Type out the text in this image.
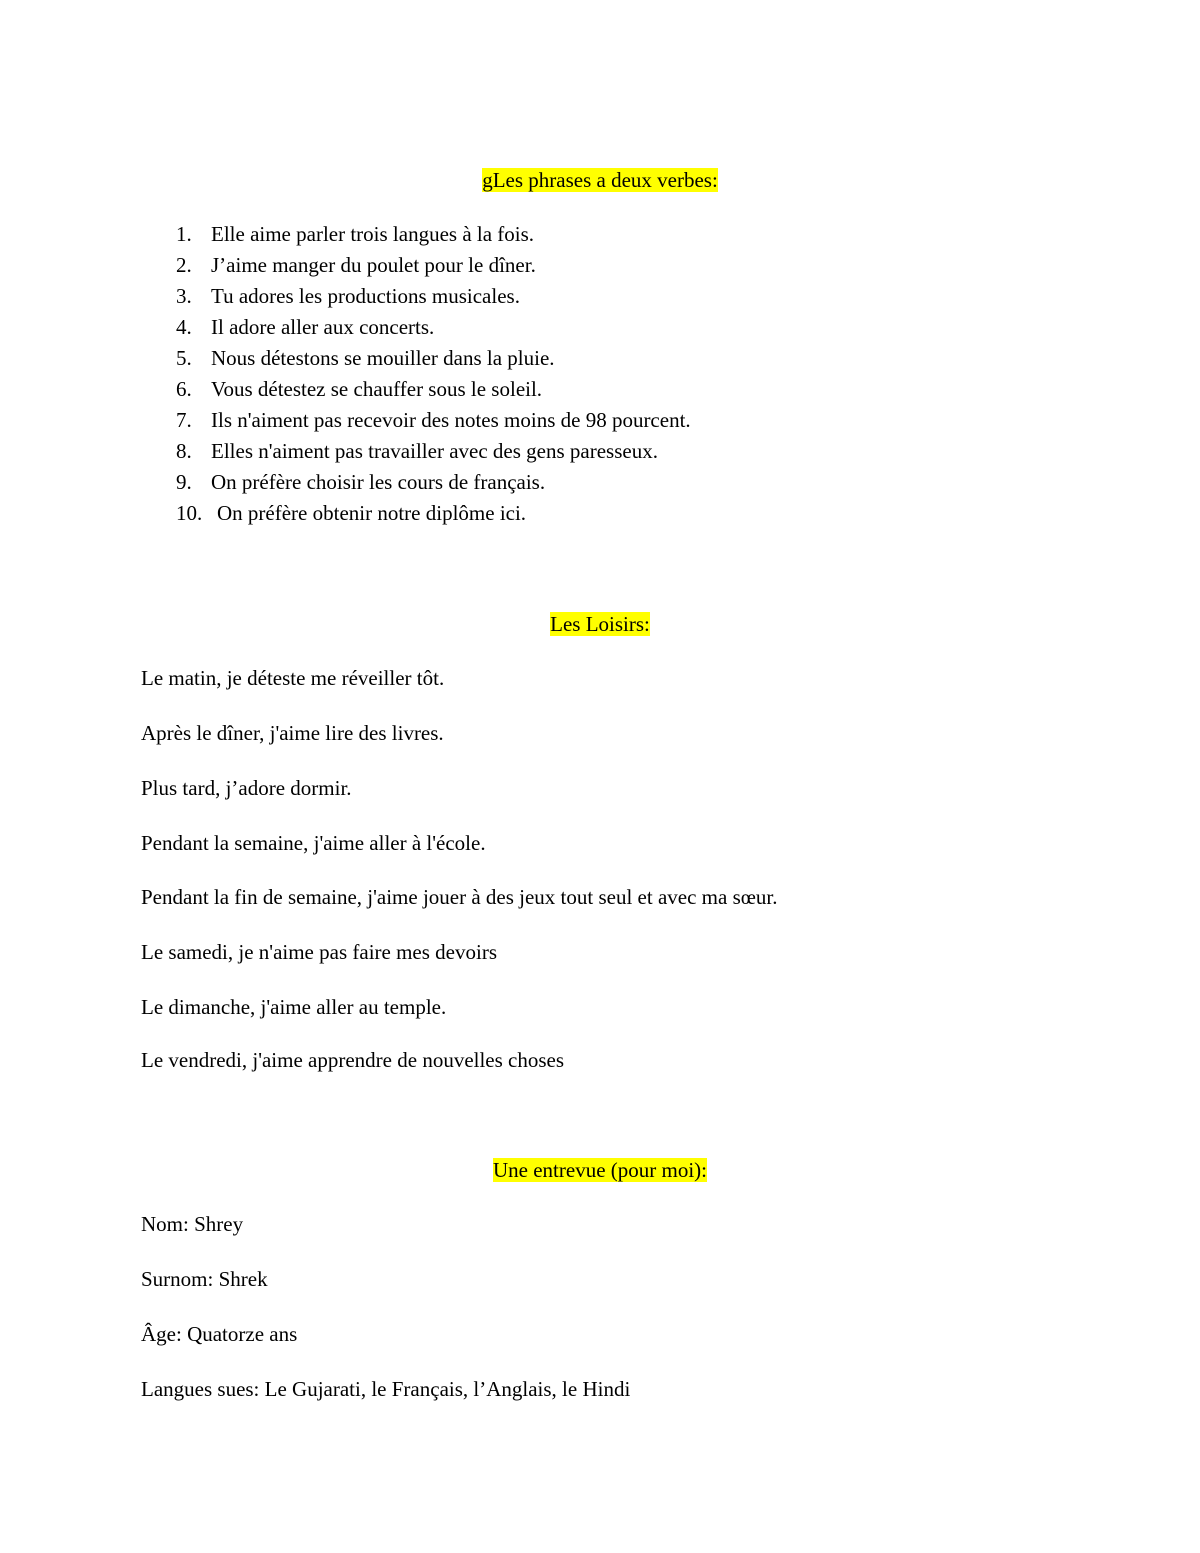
gLes phrases a deux verbes:
1. Elle aime parler trois langues à la fois.
2. J’aime manger du poulet pour le dîner.
3. Tu adores les productions musicales.
4. Il adore aller aux concerts.
5. Nous détestons se mouiller dans la pluie.
6. Vous détestez se chauffer sous le soleil.
7. Ils n'aiment pas recevoir des notes moins de 98 pourcent.
8. Elles n'aiment pas travailler avec des gens paresseux.
9. On préfère choisir les cours de français.
10. On préfère obtenir notre diplôme ici.
Les Loisirs:
Le matin, je déteste me réveiller tôt.
Après le dîner, j'aime lire des livres.
Plus tard, j’adore dormir.
Pendant la semaine, j'aime aller à l'école.
Pendant la fin de semaine, j'aime jouer à des jeux tout seul et avec ma sœur.
Le samedi, je n'aime pas faire mes devoirs
Le dimanche, j'aime aller au temple.
Le vendredi, j'aime apprendre de nouvelles choses
Une entrevue (pour moi):
Nom: Shrey
Surnom: Shrek
Âge: Quatorze ans
Langues sues: Le Gujarati, le Français, l’Anglais, le Hindi
